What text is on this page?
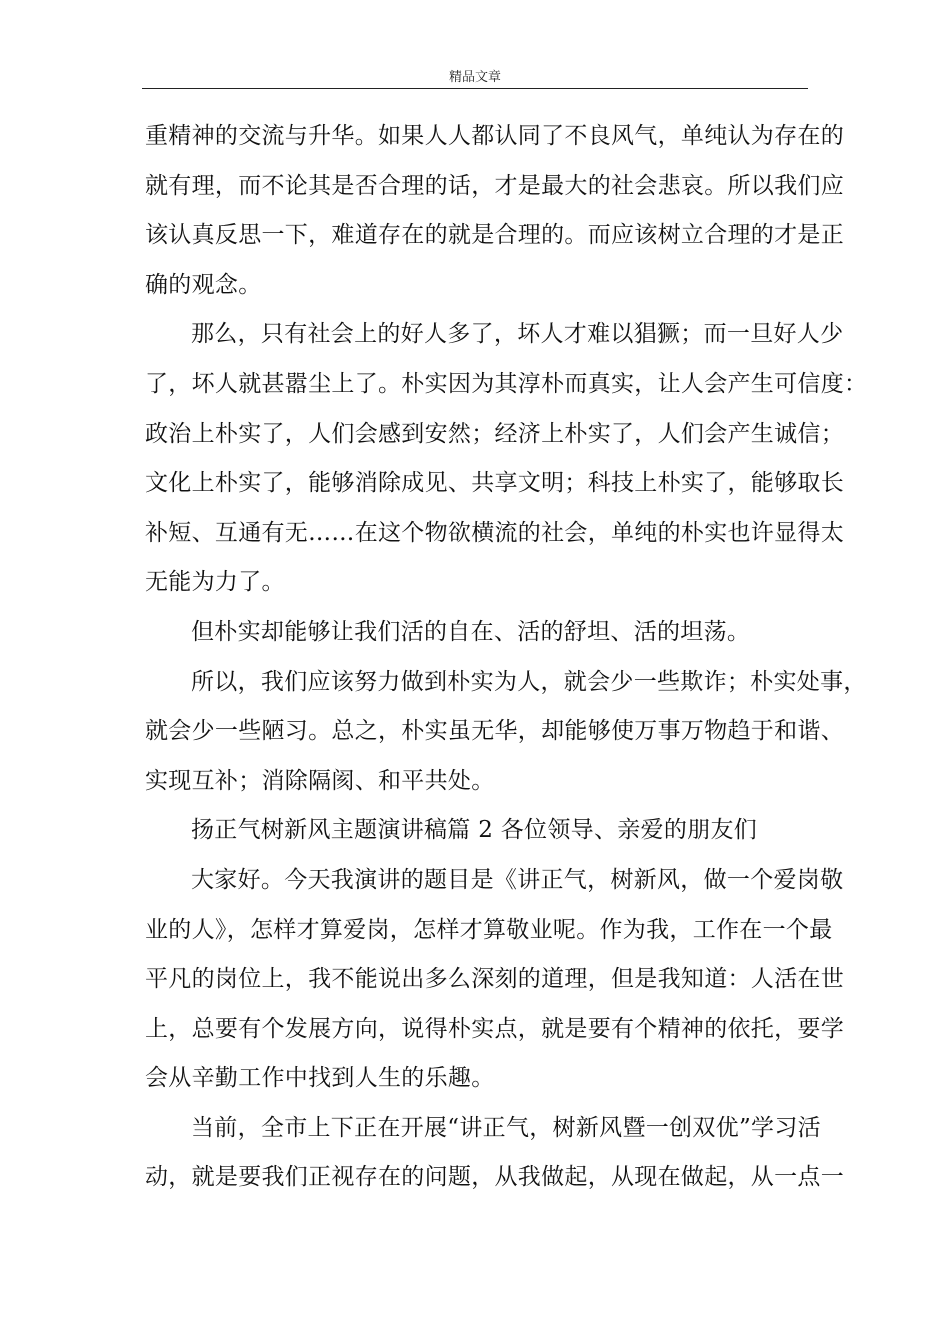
精品文章
重精神的交流与升华。如果人人都认同了不良风气，单纯认为存在的
就有理，而不论其是否合理的话，才是最大的社会悲哀。所以我们应
该认真反思一下，难道存在的就是合理的。而应该树立合理的才是正
确的观念。
那么，只有社会上的好人多了，坏人才难以猖獗；而一旦好人少
了，坏人就甚嚣尘上了。朴实因为其淳朴而真实，让人会产生可信度：
政治上朴实了，人们会感到安然；经济上朴实了，人们会产生诚信；
文化上朴实了，能够消除成见、共享文明；科技上朴实了，能够取长
补短、互通有无……在这个物欲横流的社会，单纯的朴实也许显得太
无能为力了。
但朴实却能够让我们活的自在、活的舒坦、活的坦荡。
所以，我们应该努力做到朴实为人，就会少一些欺诈；朴实处事，
就会少一些陋习。总之，朴实虽无华，却能够使万事万物趋于和谐、
实现互补；消除隔阂、和平共处。
扬正气树新风主题演讲稿篇 2 各位领导、亲爱的朋友们
大家好。今天我演讲的题目是《讲正气，树新风，做一个爱岗敬
业的人》，怎样才算爱岗，怎样才算敬业呢。作为我，工作在一个最
平凡的岗位上，我不能说出多么深刻的道理，但是我知道：人活在世
上，总要有个发展方向，说得朴实点，就是要有个精神的依托，要学
会从辛勤工作中找到人生的乐趣。
当前，全市上下正在开展“讲正气，树新风暨一创双优”学习活
动，就是要我们正视存在的问题，从我做起，从现在做起，从一点一
